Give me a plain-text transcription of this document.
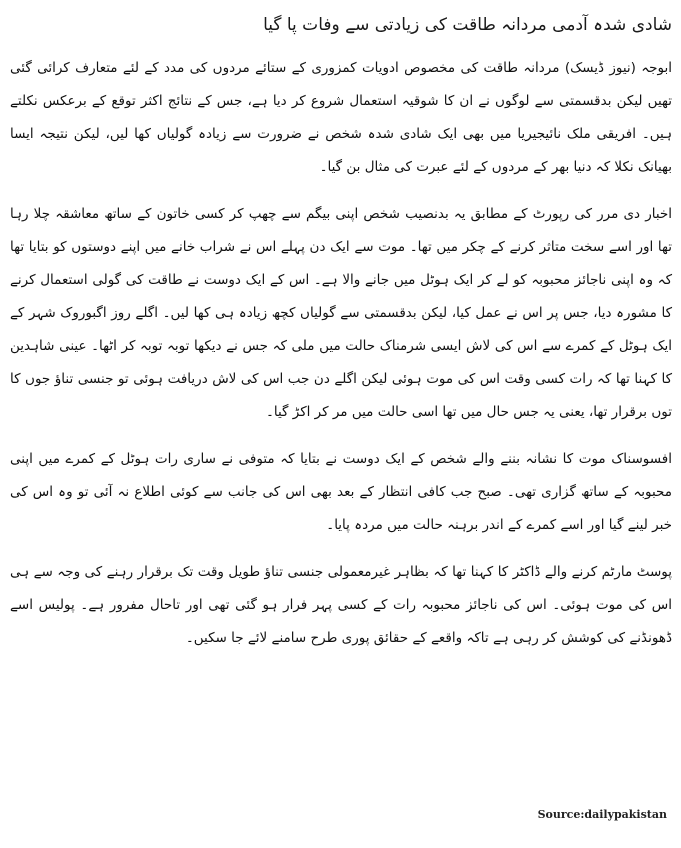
شادی شدہ آدمی مردانہ طاقت کی زیادتی سے وفات پا گیا

ابوجہ (نیوز ڈیسک) مردانہ طاقت کی مخصوص ادویات کمزوری کے ستائے مردوں کی مدد کے لئے متعارف کرائی گئی تھیں لیکن بدقسمتی سے لوگوں نے ان کا شوقیہ استعمال شروع کر دیا ہے، جس کے نتائج اکثر توقع کے برعکس نکلتے ہیں۔ افریقی ملک نائیجیریا میں بھی ایک شادی شدہ شخص نے ضرورت سے زیادہ گولیاں کھا لیں، لیکن نتیجہ ایسا بھیانک نکلا کہ دنیا بھر کے مردوں کے لئے عبرت کی مثال بن گیا۔

اخبار دی مرر کی رپورٹ کے مطابق یہ بدنصیب شخص اپنی بیگم سے چھپ کر کسی خاتون کے ساتھ معاشقہ چلا رہا تھا اور اسے سخت متاثر کرنے کے چکر میں تھا۔ موت سے ایک دن پہلے اس نے شراب خانے میں اپنے دوستوں کو بتایا تھا کہ وہ اپنی ناجائز محبوبہ کو لے کر ایک ہوٹل میں جانے والا ہے۔ اس کے ایک دوست نے طاقت کی گولی استعمال کرنے کا مشورہ دیا، جس پر اس نے عمل کیا، لیکن بدقسمتی سے گولیاں کچھ زیادہ ہی کھا لیں۔ اگلے روز اگبوروک شہر کے ایک ہوٹل کے کمرے سے اس کی لاش ایسی شرمناک حالت میں ملی کہ جس نے دیکھا توبہ توبہ کر اٹھا۔ عینی شاہدین کا کہنا تھا کہ رات کسی وقت اس کی موت ہوئی لیکن اگلے دن جب اس کی لاش دریافت ہوئی تو جنسی تناؤ جوں کا توں برقرار تھا، یعنی یہ جس حال میں تھا اسی حالت میں مر کر اکڑ گیا۔

افسوسناک موت کا نشانہ بننے والے شخص کے ایک دوست نے بتایا کہ متوفی نے ساری رات ہوٹل کے کمرے میں اپنی محبوبہ کے ساتھ گزاری تھی۔ صبح جب کافی انتظار کے بعد بھی اس کی جانب سے کوئی اطلاع نہ آئی تو وہ اس کی خبر لینے گیا اور اسے کمرے کے اندر برہنہ حالت میں مردہ پایا۔

پوسٹ مارٹم کرنے والے ڈاکٹر کا کہنا تھا کہ بظاہر غیرمعمولی جنسی تناؤ طویل وقت تک برقرار رہنے کی وجہ سے ہی اس کی موت ہوئی۔ اس کی ناجائز محبوبہ رات کے کسی پہر فرار ہو گئی تھی اور تاحال مفرور ہے۔ پولیس اسے ڈھونڈنے کی کوشش کر رہی ہے تاکہ واقعے کے حقائق پوری طرح سامنے لائے جا سکیں۔

Source:dailypakistan
